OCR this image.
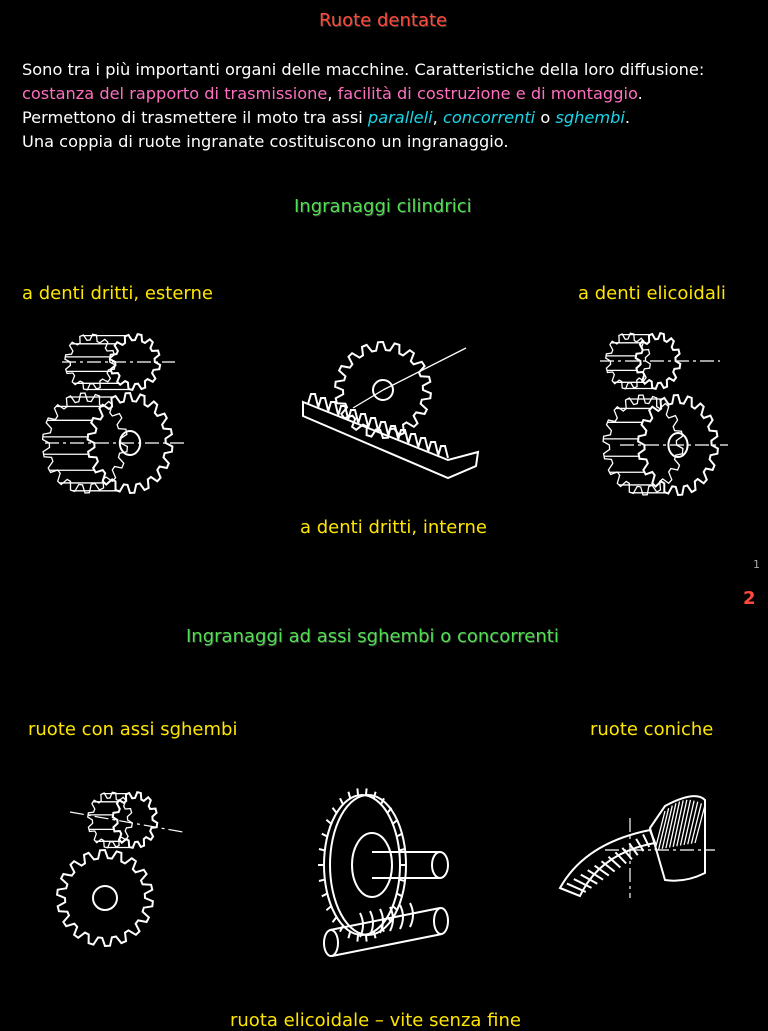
Ruote dentate
Sono tra i più importanti organi delle macchine. Caratteristiche della loro diffusione:
costanza del rapporto di trasmissione, facilità di costruzione e di montaggio.
Permettono di trasmettere il moto tra assi paralleli, concorrenti o sghembi.
Una coppia di ruote ingranate costituiscono un ingranaggio.
Ingranaggi cilindrici
a denti dritti, esterne	a denti elicoidali
a denti dritti, interne
1
2
Ingranaggi ad assi sghembi o concorrenti
ruote con assi sghembi	ruote coniche
ruota elicoidale – vite senza fine
